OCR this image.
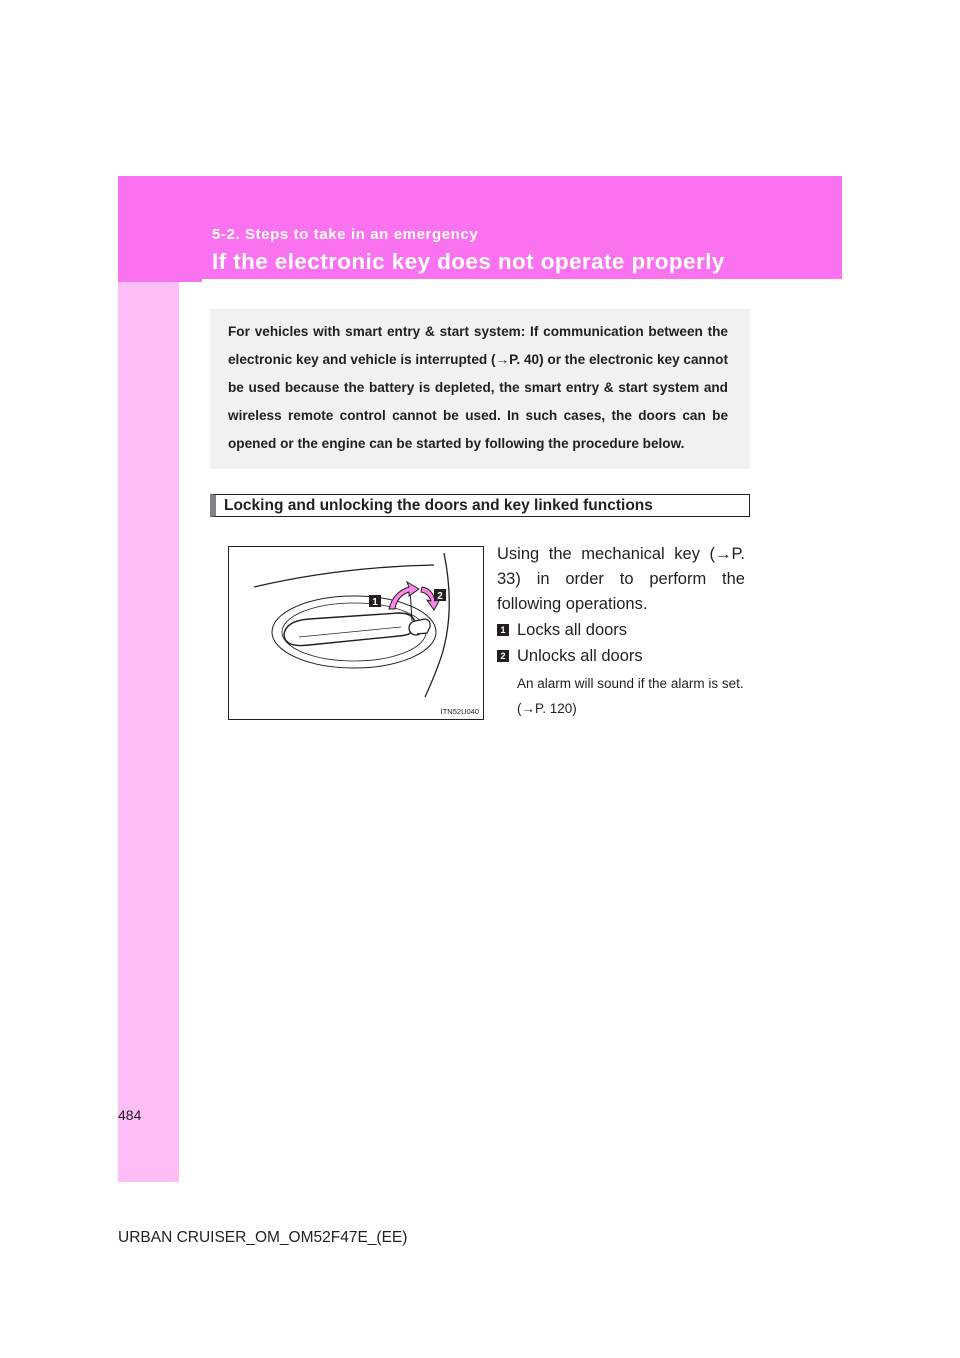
5-2. Steps to take in an emergency
If the electronic key does not operate properly

For vehicles with smart entry & start system: If communication between the electronic key and vehicle is interrupted (→P. 40) or the electronic key cannot be used because the battery is depleted, the smart entry & start system and wireless remote control cannot be used. In such cases, the doors can be opened or the engine can be started by following the procedure below.

Locking and unlocking the doors and key linked functions
1
2
ITN52U040

Using the mechanical key (→P. 33) in order to perform the following operations.

1 Locks all doors
2 Unlocks all doors

An alarm will sound if the alarm is set. (→P. 120)

484
URBAN CRUISER_OM_OM52F47E_(EE)
